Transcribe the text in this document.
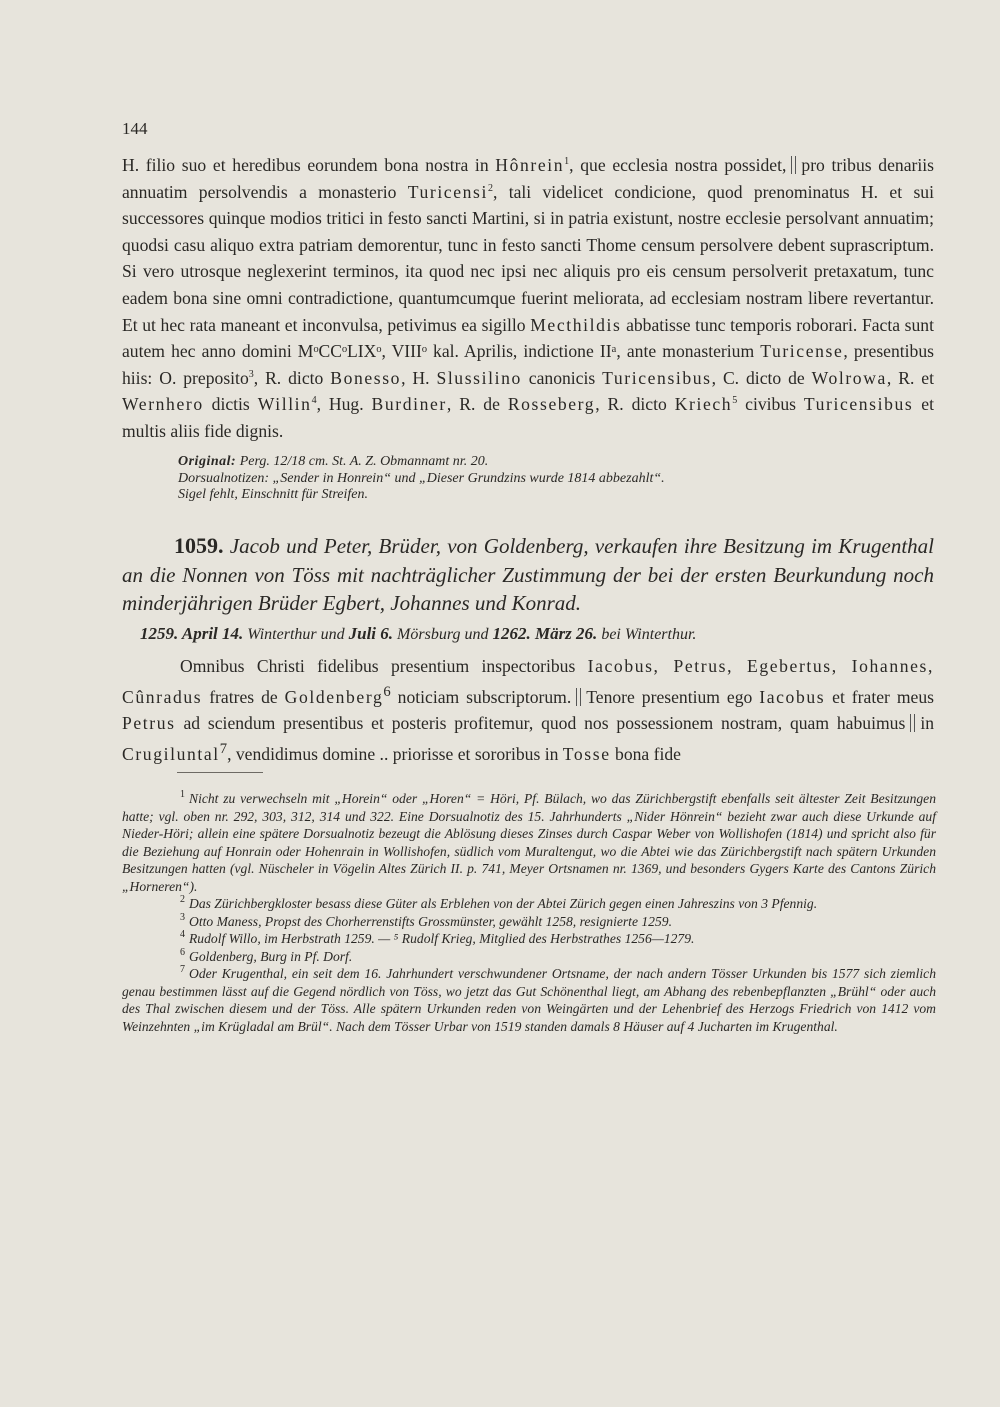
144

H. filio suo et heredibus eorundem bona nostra in Hônrein$^1$, que ecclesia nostra possidet, pro tribus denariis annuatim persolvendis a monasterio Turicensi$^2$, tali videlicet condicione, quod prenominatus H. et sui successores quinque modios tritici in festo sancti Martini, si in patria existunt, nostre ecclesie persolvant annuatim; quodsi casu aliquo extra patriam demorentur, tunc in festo sancti Thome censum persolvere debent suprascriptum. Si vero utrosque neglexerint terminos, ita quod nec ipsi nec aliquis pro eis censum persolverit pretaxatum, tunc eadem bona sine omni contradictione, quantumcumque fuerint meliorata, ad ecclesiam nostram libere revertantur. Et ut hec rata maneant et inconvulsa, petivimus ea sigillo Mecthildis abbatisse tunc temporis roborari. Facta sunt autem hec anno domini MᵒCCᵒLIXᵒ, VIIIᵒ kal. Aprilis, indictione IIᵃ, ante monasterium Turicense, presentibus hiis: O. preposito$^3$, R. dicto Bonesso, H. Slussilino canonicis Turicensibus, C. dicto de Wolrowa, R. et Wernhero dictis Willin$^4$, Hug. Burdiner, R. de Rosseberg, R. dicto Kriech$^5$ civibus Turicensibus et multis aliis fide dignis.

Original: Perg. 12/18 cm. St. A. Z. Obmannamt nr. 20.

Dorsualnotizen: „Sender in Honrein“ und „Dieser Grundzins wurde 1814 abbezahlt“.

Sigel fehlt, Einschnitt für Streifen.

1059. Jacob und Peter, Brüder, von Goldenberg, verkaufen ihre Besitzung im Krugenthal an die Nonnen von Töss mit nachträglicher Zustimmung der bei der ersten Beurkundung noch minderjährigen Brüder Egbert, Johannes und Konrad.
1259. April 14. Winterthur und Juli 6. Mörsburg und 1262. März 26. bei Winterthur.

Omnibus Christi fidelibus presentium inspectoribus Iacobus, Petrus, Egebertus, Iohannes, Cûnradus fratres de Goldenberg$^6$ noticiam subscriptorum. Tenore presentium ego Iacobus et frater meus Petrus ad sciendum presentibus et posteris profitemur, quod nos possessionem nostram, quam habuimus in Crugiluntal$^7$, vendidimus domine .. priorisse et sororibus in Tosse bona fide

$^1$ Nicht zu verwechseln mit „Horein“ oder „Horen“ = Höri, Pf. Bülach, wo das Zürichbergstift ebenfalls seit ältester Zeit Besitzungen hatte; vgl. oben nr. 292, 303, 312, 314 und 322. Eine Dorsualnotiz des 15. Jahrhunderts „Nider Hönrein“ bezieht zwar auch diese Urkunde auf Nieder-Höri; allein eine spätere Dorsualnotiz bezeugt die Ablösung dieses Zinses durch Caspar Weber von Wollishofen (1814) und spricht also für die Beziehung auf Honrain oder Hohenrain in Wollishofen, südlich vom Muraltengut, wo die Abtei wie das Zürichbergstift nach spätern Urkunden Besitzungen hatten (vgl. Nüscheler in Vögelin Altes Zürich II. p. 741, Meyer Ortsnamen nr. 1369, und besonders Gygers Karte des Cantons Zürich „Horneren“).

$^2$ Das Zürichbergkloster besass diese Güter als Erblehen von der Abtei Zürich gegen einen Jahreszins von 3 Pfennig.

$^3$ Otto Maness, Propst des Chorherrenstifts Grossmünster, gewählt 1258, resignierte 1259.

$^4$ Rudolf Willo, im Herbstrath 1259. — ⁵ Rudolf Krieg, Mitglied des Herbstrathes 1256—1279.

$^6$ Goldenberg, Burg in Pf. Dorf.

$^7$ Oder Krugenthal, ein seit dem 16. Jahrhundert verschwundener Ortsname, der nach andern Tösser Urkunden bis 1577 sich ziemlich genau bestimmen lässt auf die Gegend nördlich von Töss, wo jetzt das Gut Schönenthal liegt, am Abhang des rebenbepflanzten „Brühl“ oder auch des Thal zwischen diesem und der Töss. Alle spätern Urkunden reden von Weingärten und der Lehenbrief des Herzogs Friedrich von 1412 vom Weinzehnten „im Krügladal am Brül“. Nach dem Tösser Urbar von 1519 standen damals 8 Häuser auf 4 Jucharten im Krugenthal.
